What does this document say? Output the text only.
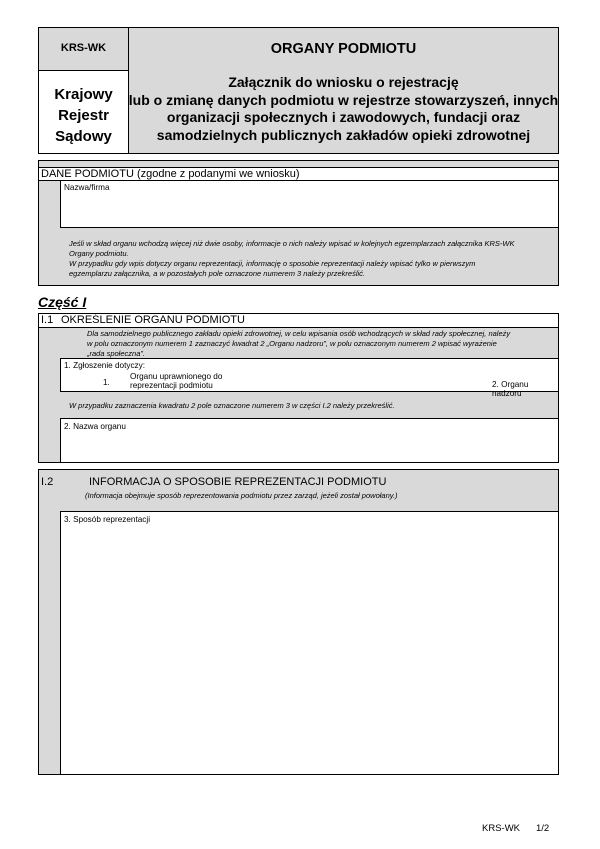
KRS-WK
Krajowy
Rejestr
Sądowy
ORGANY PODMIOTU
Załącznik do wniosku o rejestrację
lub o zmianę danych podmiotu w rejestrze stowarzyszeń, innych
organizacji społecznych i zawodowych, fundacji oraz
samodzielnych publicznych zakładów opieki zdrowotnej
DANE PODMIOTU (zgodne z podanymi we wniosku)
Nazwa/firma
Jeśli w skład organu wchodzą więcej niż dwie osoby, informacje o nich należy wpisać w kolejnych egzemplarzach załącznika KRS-WK
Organy podmiotu.
W przypadku gdy wpis dotyczy organu reprezentacji, informację o sposobie reprezentacji należy wpisać tylko w pierwszym
egzemplarzu załącznika, a w pozostałych pole oznaczone numerem 3 należy przekreślić.
Część I
I.1 OKREŚLENIE ORGANU PODMIOTU
Dla samodzielnego publicznego zakładu opieki zdrowotnej, w celu wpisania osób wchodzących w skład rady społecznej, należy
w polu oznaczonym numerem 1 zaznaczyć kwadrat 2 „Organu nadzoru”, w polu oznaczonym numerem 2 wpisać wyrażenie
„rada społeczna”.
1. Zgłoszenie dotyczy:
1.
Organu uprawnionego do
reprezentacji podmiotu	2. Organu nadzoru
W przypadku zaznaczenia kwadratu 2 pole oznaczone numerem 3 w części I.2 należy przekreślić.
2. Nazwa organu
I.2	INFORMACJA O SPOSOBIE REPREZENTACJI PODMIOTU
(Informacja obejmuje sposób reprezentowania podmiotu przez zarząd, jeżeli został powołany.)
3. Sposób reprezentacji
KRS-WK 1/2
